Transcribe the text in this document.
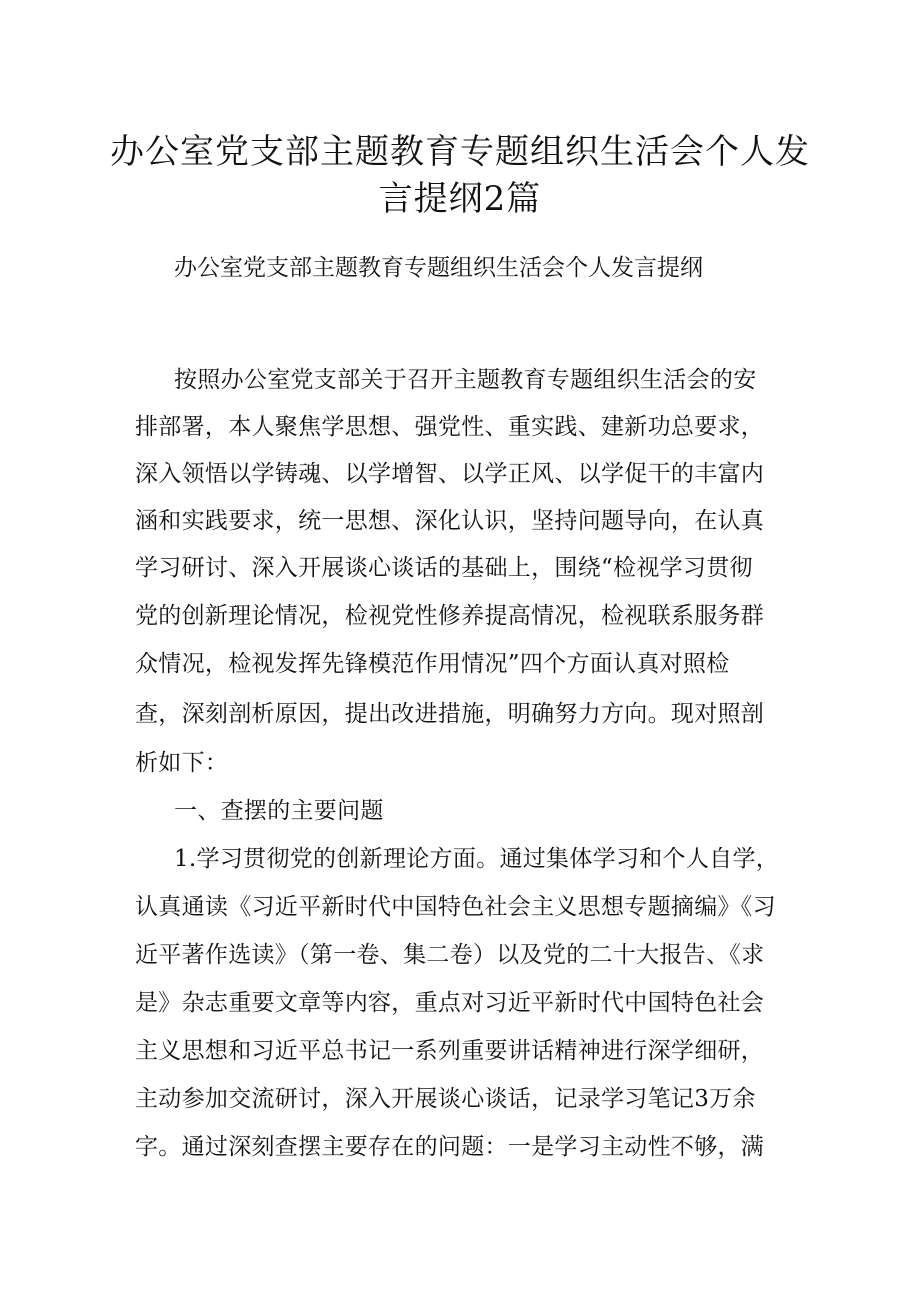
办公室党支部主题教育专题组织生活会个人发
言提纲2篇
办公室党支部主题教育专题组织生活会个人发言提纲
按照办公室党支部关于召开主题教育专题组织生活会的安
排部署，本人聚焦学思想、强党性、重实践、建新功总要求，
深入领悟以学铸魂、以学增智、以学正风、以学促干的丰富内
涵和实践要求，统一思想、深化认识，坚持问题导向，在认真
学习研讨、深入开展谈心谈话的基础上，围绕“检视学习贯彻
党的创新理论情况，检视党性修养提高情况，检视联系服务群
众情况，检视发挥先锋模范作用情况”四个方面认真对照检
查，深刻剖析原因，提出改进措施，明确努力方向。现对照剖
析如下：
一、查摆的主要问题
1.学习贯彻党的创新理论方面。通过集体学习和个人自学，
认真通读《习近平新时代中国特色社会主义思想专题摘编》《习
近平著作选读》（第一卷、集二卷）以及党的二十大报告、《求
是》杂志重要文章等内容，重点对习近平新时代中国特色社会
主义思想和习近平总书记一系列重要讲话精神进行深学细研，
主动参加交流研讨，深入开展谈心谈话，记录学习笔记3万余
字。通过深刻查摆主要存在的问题：一是学习主动性不够，满
